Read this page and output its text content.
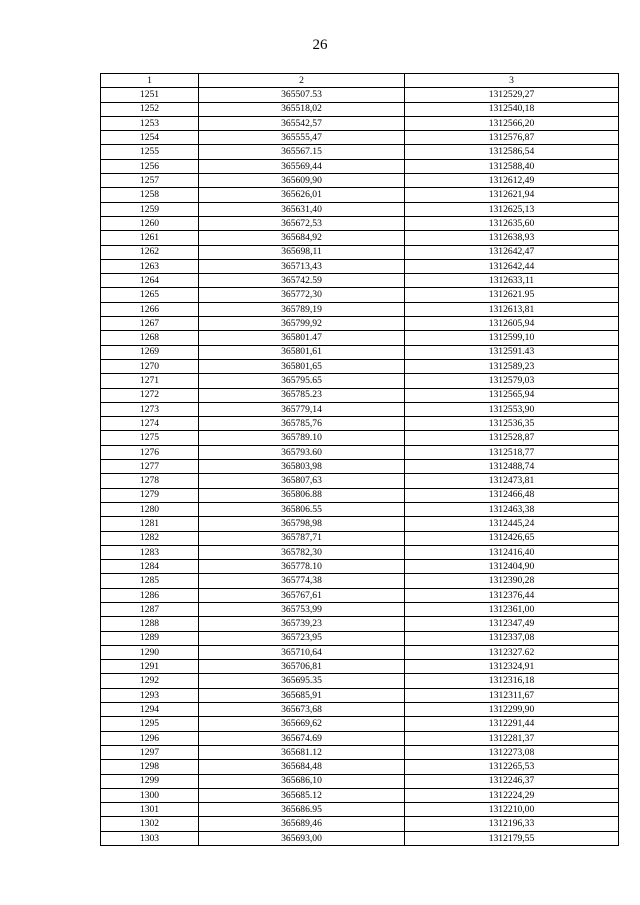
26
1	2	3
1251	365507.53	1312529,27
1252	365518,02	1312540,18
1253	365542,57	1312566,20
1254	365555,47	1312576,87
1255	365567.15	1312586,54
1256	365569,44	1312588,40
1257	365609,90	1312612,49
1258	365626,01	1312621,94
1259	365631,40	1312625,13
1260	365672,53	1312635,60
1261	365684,92	1312638,93
1262	365698,11	1312642,47
1263	365713,43	1312642,44
1264	365742.59	1312633,11
1265	365772,30	1312621.95
1266	365789,19	1312613,81
1267	365799,92	1312605,94
1268	365801.47	1312599,10
1269	365801,61	1312591.43
1270	365801,65	1312589,23
1271	365795.65	1312579,03
1272	365785.23	1312565,94
1273	365779,14	1312553,90
1274	365785,76	1312536,35
1275	365789.10	1312528,87
1276	365793.60	1312518,77
1277	365803,98	1312488,74
1278	365807,63	1312473,81
1279	365806.88	1312466,48
1280	365806.55	1312463,38
1281	365798,98	1312445,24
1282	365787,71	1312426,65
1283	365782,30	1312416,40
1284	365778.10	1312404,90
1285	365774,38	1312390,28
1286	365767,61	1312376,44
1287	365753,99	1312361,00
1288	365739,23	1312347,49
1289	365723,95	1312337,08
1290	365710,64	1312327.62
1291	365706,81	1312324,91
1292	365695.35	1312316,18
1293	365685,91	1312311,67
1294	365673,68	1312299,90
1295	365669,62	1312291,44
1296	365674.69	1312281,37
1297	365681.12	1312273,08
1298	365684,48	1312265,53
1299	365686,10	1312246,37
1300	365685.12	1312224,29
1301	365686.95	1312210,00
1302	365689,46	1312196,33
1303	365693,00	1312179,55
